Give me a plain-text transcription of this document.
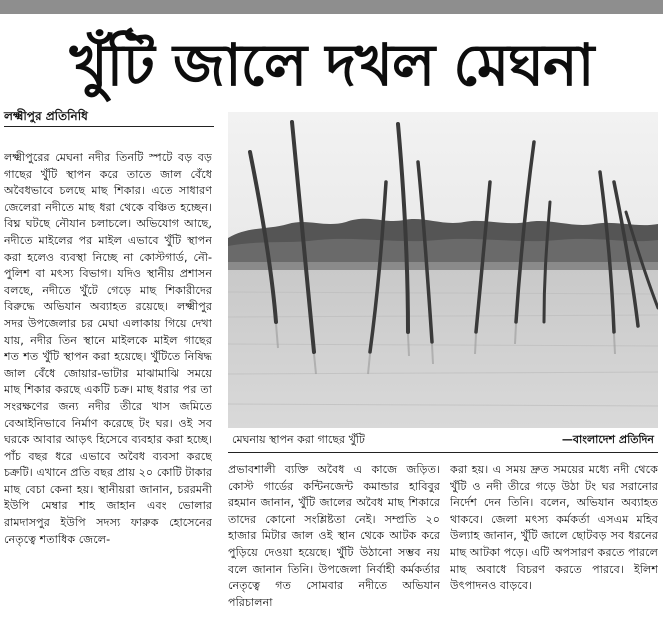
খুঁটি জালে দখল মেঘনা
লক্ষ্মীপুর প্রতিনিধি

লক্ষ্মীপুরের মেঘনা নদীর তিনটি স্পটে বড় বড় গাছের খুঁটি স্থাপন করে তাতে জাল বেঁধে অবৈধভাবে চলছে মাছ শিকার। এতে সাধারণ জেলেরা নদীতে মাছ ধরা থেকে বঞ্চিত হচ্ছেন। বিঘ্ন ঘটছে নৌযান চলাচলে। অভিযোগ আছে, নদীতে মাইলের পর মাইল এভাবে খুঁটি স্থাপন করা হলেও ব্যবস্থা নিচ্ছে না কোস্টগার্ড, নৌ-পুলিশ বা মৎস্য বিভাগ। যদিও স্থানীয় প্রশাসন বলছে, নদীতে খুঁটে গেড়ে মাছ শিকারীদের বিরুদ্ধে অভিযান অব্যাহত রয়েছে। লক্ষ্মীপুর সদর উপজেলার চর মেঘা এলাকায় গিয়ে দেখা যায়, নদীর তিন স্থানে মাইলকে মাইল গাছের শত শত খুঁটি স্থাপন করা হয়েছে। খুঁটিতে নিষিদ্ধ জাল বেঁধে জোয়ার-ভাটার মাঝামাঝি সময়ে মাছ শিকার করছে একটি চক্র। মাছ ধরার পর তা সংরক্ষণের জন্য নদীর তীরে খাস জমিতে বেআইনিভাবে নির্মাণ করেছে টং ঘর। ওই সব ঘরকে আবার আড়ৎ হিসেবে ব্যবহার করা হচ্ছে। পাঁচ বছর ধরে এভাবে অবৈধ ব্যবসা করছে চক্রটি। এখানে প্রতি বছর প্রায় ২০ কোটি টাকার মাছ বেচা কেনা হয়। স্থানীয়রা জানান, চররমনী ইউপি মেম্বার শাহ জাহান এবং ভোলার রামদাসপুর ইউপি সদস্য ফারুক হোসেনের নেতৃত্বে শতাধিক জেলে-

মেঘনায় স্থাপন করা গাছের খুঁটি	—বাংলাদেশ প্রতিদিন

প্রভাবশালী ব্যক্তি অবৈধ এ কাজে জড়িত। কোস্ট গার্ডের কন্টিনজেন্ট কমান্ডার হাবিবুর রহমান জানান, খুঁটি জালের অবৈধ মাছ শিকারে তাদের কোনো সংশ্লিষ্টতা নেই। সম্প্রতি ২০ হাজার মিটার জাল ওই স্থান থেকে আটক করে পুড়িয়ে দেওয়া হয়েছে। খুঁটি উঠানো সম্ভব নয় বলে জানান তিনি। উপজেলা নির্বাহী কর্মকর্তার নেতৃত্বে গত সোমবার নদীতে অভিযান পরিচালনা

করা হয়। এ সময় দ্রুত সময়ের মধ্যে নদী থেকে খুঁটি ও নদী তীরে গড়ে উঠা টং ঘর সরানোর নির্দেশ দেন তিনি। বলেন, অভিযান অব্যাহত থাকবে। জেলা মৎস্য কর্মকর্তা এসএম মহিব উল্যাহ জানান, খুঁটি জালে ছোটবড় সব ধরনের মাছ আটকা পড়ে। এটি অপসারণ করতে পারলে মাছ অবাধে বিচরণ করতে পারবে। ইলিশ উৎপাদনও বাড়বে।
